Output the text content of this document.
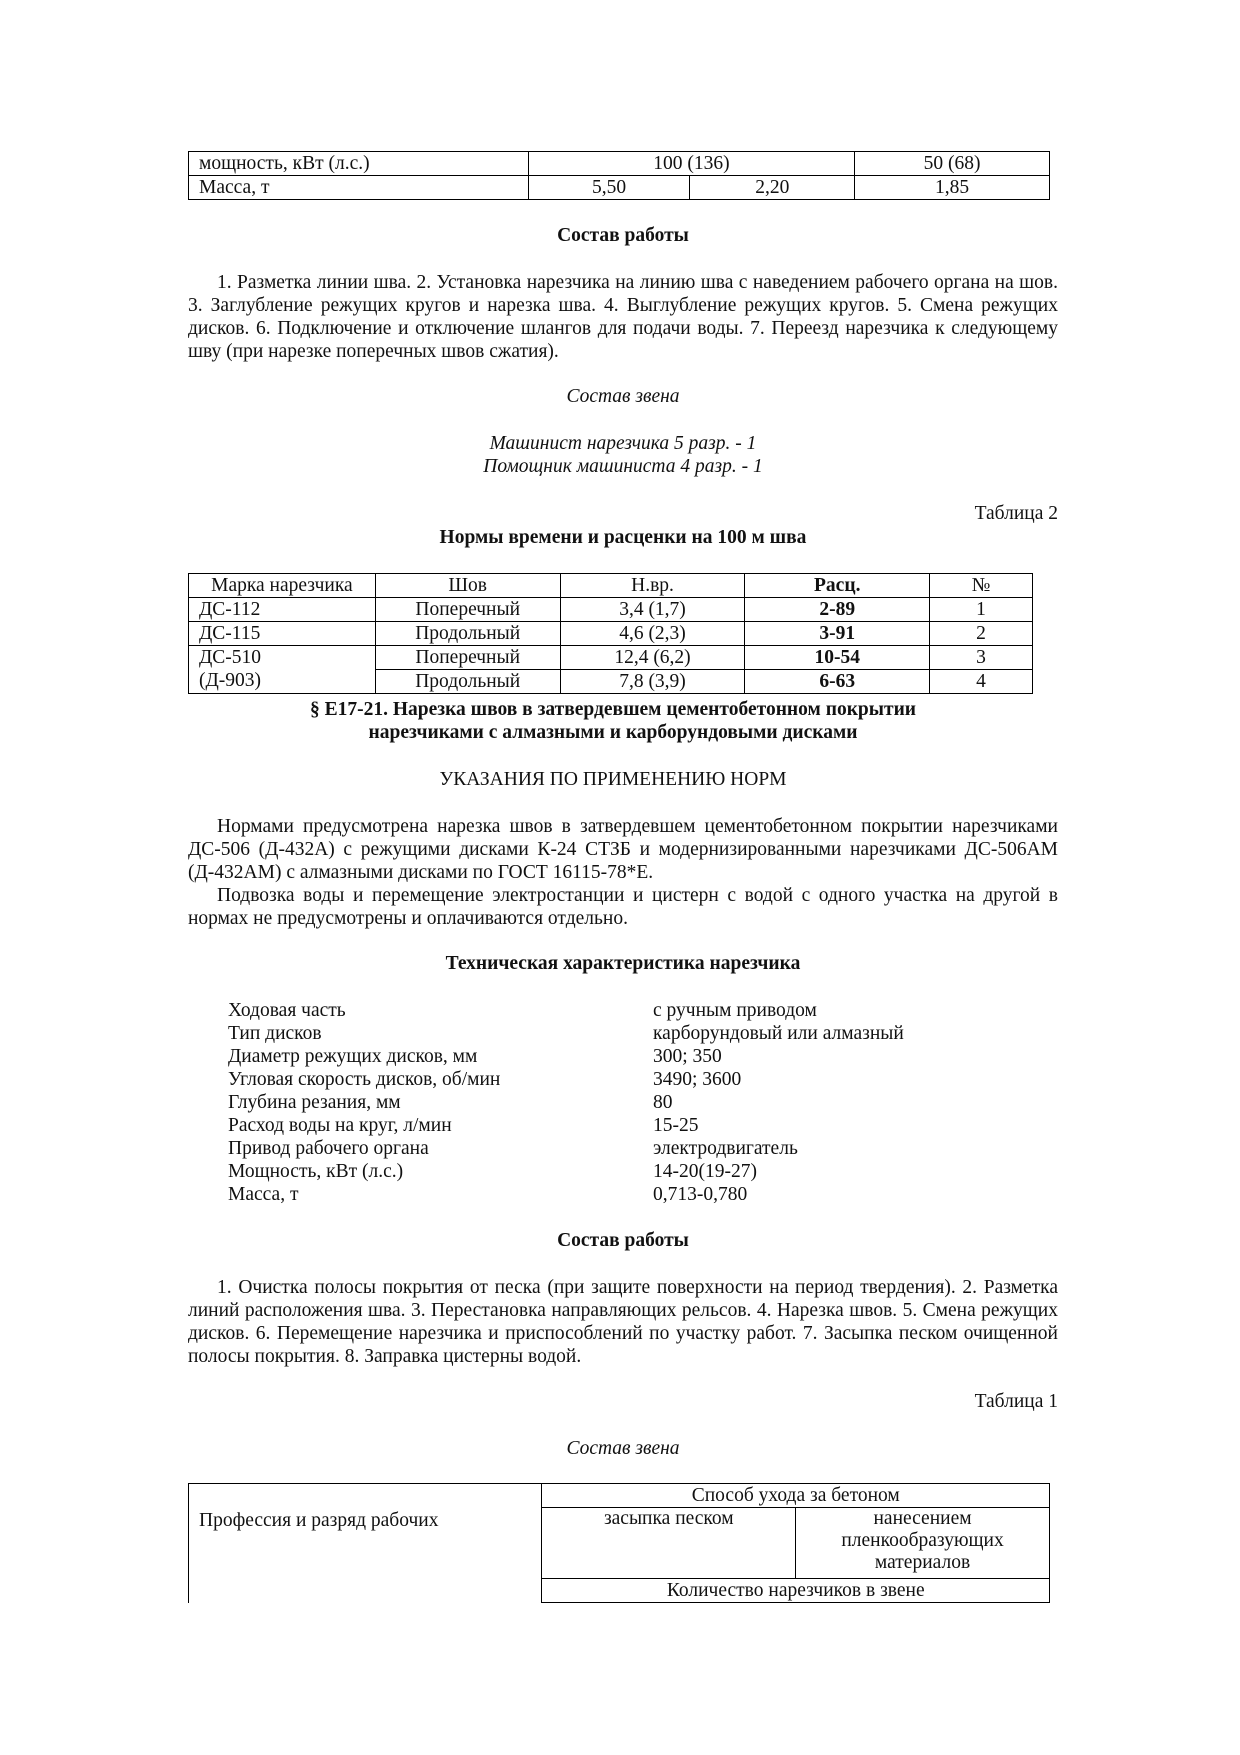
мощность, кВт (л.с.)	100 (136)		50 (68)
Масса, т	5,50	2,20	1,85
Состав работы

1. Разметка линии шва. 2. Установка нарезчика на линию шва с наведением рабочего органа на шов. 3. Заглубление режущих кругов и нарезка шва. 4. Выглубление режущих кругов. 5. Смена режущих дисков. 6. Подключение и отключение шлангов для подачи воды. 7. Переезд нарезчика к следующему шву (при нарезке поперечных швов сжатия).

Состав звена
Машинист нарезчика 5 разр. - 1
Помощник машиниста 4 разр. - 1
Таблица 2
Нормы времени и расценки на 100 м шва
Марка нарезчика	Шов	Н.вр.	Расц.	№
ДС-112	Поперечный	3,4 (1,7)	2-89	1
ДС-115	Продольный	4,6 (2,3)	3-91	2
ДС-510	Поперечный	12,4 (6,2)	10-54	3
(Д-903)	Продольный	7,8 (3,9)	6-63	4
§ Е17-21. Нарезка швов в затвердевшем цементобетонном покрытии
нарезчиками с алмазными и карборундовыми дисками
УКАЗАНИЯ ПО ПРИМЕНЕНИЮ НОРМ

Нормами предусмотрена нарезка швов в затвердевшем цементобетонном покрытии нарезчиками ДС-506 (Д-432А) с режущими дисками К-24 СТЗБ и модернизированными нарезчиками ДС-506АМ (Д-432АМ) с алмазными дисками по ГОСТ 16115-78*Е.

Подвозка воды и перемещение электростанции и цистерн с водой с одного участка на другой в нормах не предусмотрены и оплачиваются отдельно.

Техническая характеристика нарезчика
Ходовая часть	с ручным приводом
Тип дисков	карборундовый или алмазный
Диаметр режущих дисков, мм	300; 350
Угловая скорость дисков, об/мин	3490; 3600
Глубина резания, мм	80
Расход воды на круг, л/мин	15-25
Привод рабочего органа	электродвигатель
Мощность, кВт (л.с.)	14-20(19-27)
Масса, т	0,713-0,780
Состав работы

1. Очистка полосы покрытия от песка (при защите поверхности на период твердения). 2. Разметка линий расположения шва. 3. Перестановка направляющих рельсов. 4. Нарезка швов. 5. Смена режущих дисков. 6. Перемещение нарезчика и приспособлений по участку работ. 7. Засыпка песком очищенной полосы покрытия. 8. Заправка цистерны водой.

Таблица 1
Состав звена
Профессия и разряд рабочих	Способ ухода за бетоном	
	засыпка песком	нанесением пленкообразующих материалов
	Количество нарезчиков в звене	
